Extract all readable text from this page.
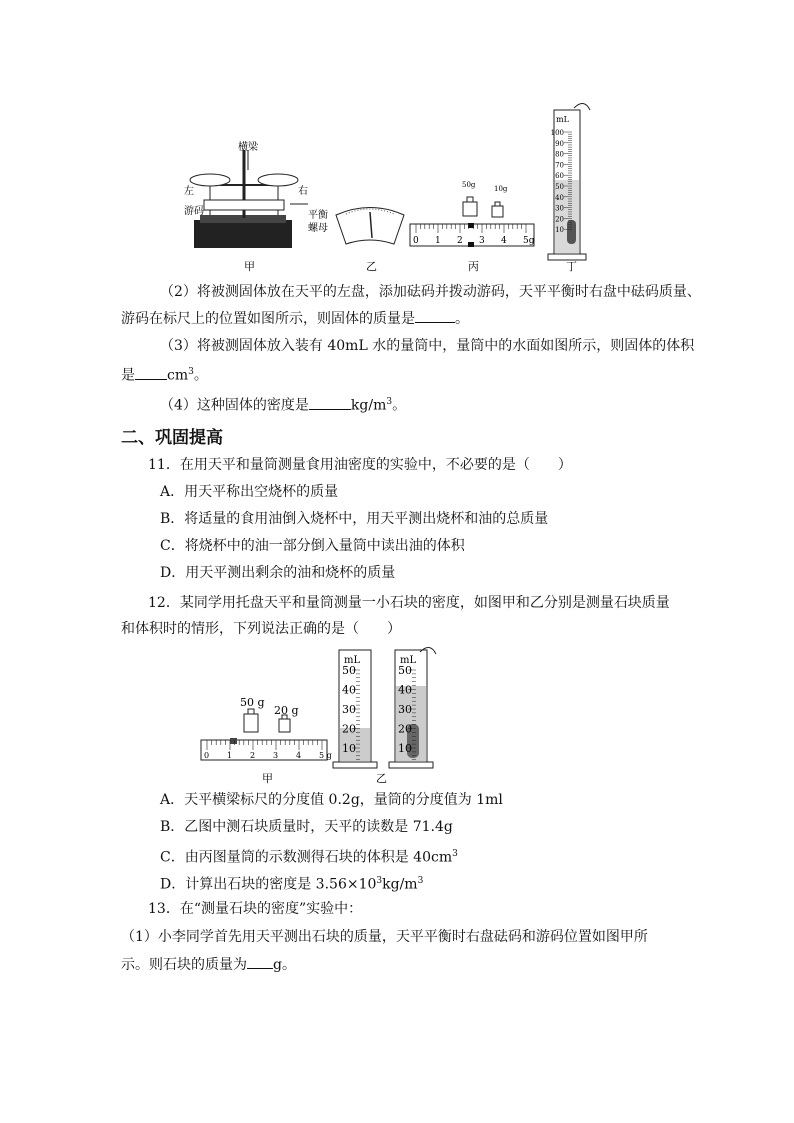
横梁
左	右
游码	平衡
螺母
50g	10g
0 1 2 3 4 5g
mL
100
90
80
70
60
50
40
30
20
10
甲	乙	丙	丁
（2）将被测固体放在天平的左盘，添加砝码并拨动游码，天平平衡时右盘中砝码质量、
游码在标尺上的位置如图所示，则固体的质量是	。
（3）将被测固体放入装有 40mL 水的量筒中，量筒中的水面如图所示，则固体的体积
是 $cm^3$。
（4）这种固体的密度是	$kg/m^3$。
二、巩固提高
11．在用天平和量筒测量食用油密度的实验中，不必要的是（　　）
A．用天平称出空烧杯的质量
B．将适量的食用油倒入烧杯中，用天平测出烧杯和油的总质量
C．将烧杯中的油一部分倒入量筒中读出油的体积
D．用天平测出剩余的油和烧杯的质量
12．某同学用托盘天平和量筒测量一小石块的密度，如图甲和乙分别是测量石块质量
和体积时的情形，下列说法正确的是（　　）
50 g
20 g
0 1 2 3 4 5 g
mL	mL
50
40
30
20
10
50
40
30
20
10
甲	乙
A．天平横梁标尺的分度值 0.2g，量筒的分度值为 1ml
B．乙图中测石块质量时，天平的读数是 71.4g
C．由丙图量筒的示数测得石块的体积是 $40cm^3$
D．计算出石块的密度是 $3.56\times 10^3kg/m^3$
13．在“测量石块的密度”实验中：
（1）小李同学首先用天平测出石块的质量，天平平衡时右盘砝码和游码位置如图甲所
示。则石块的质量为 g。
